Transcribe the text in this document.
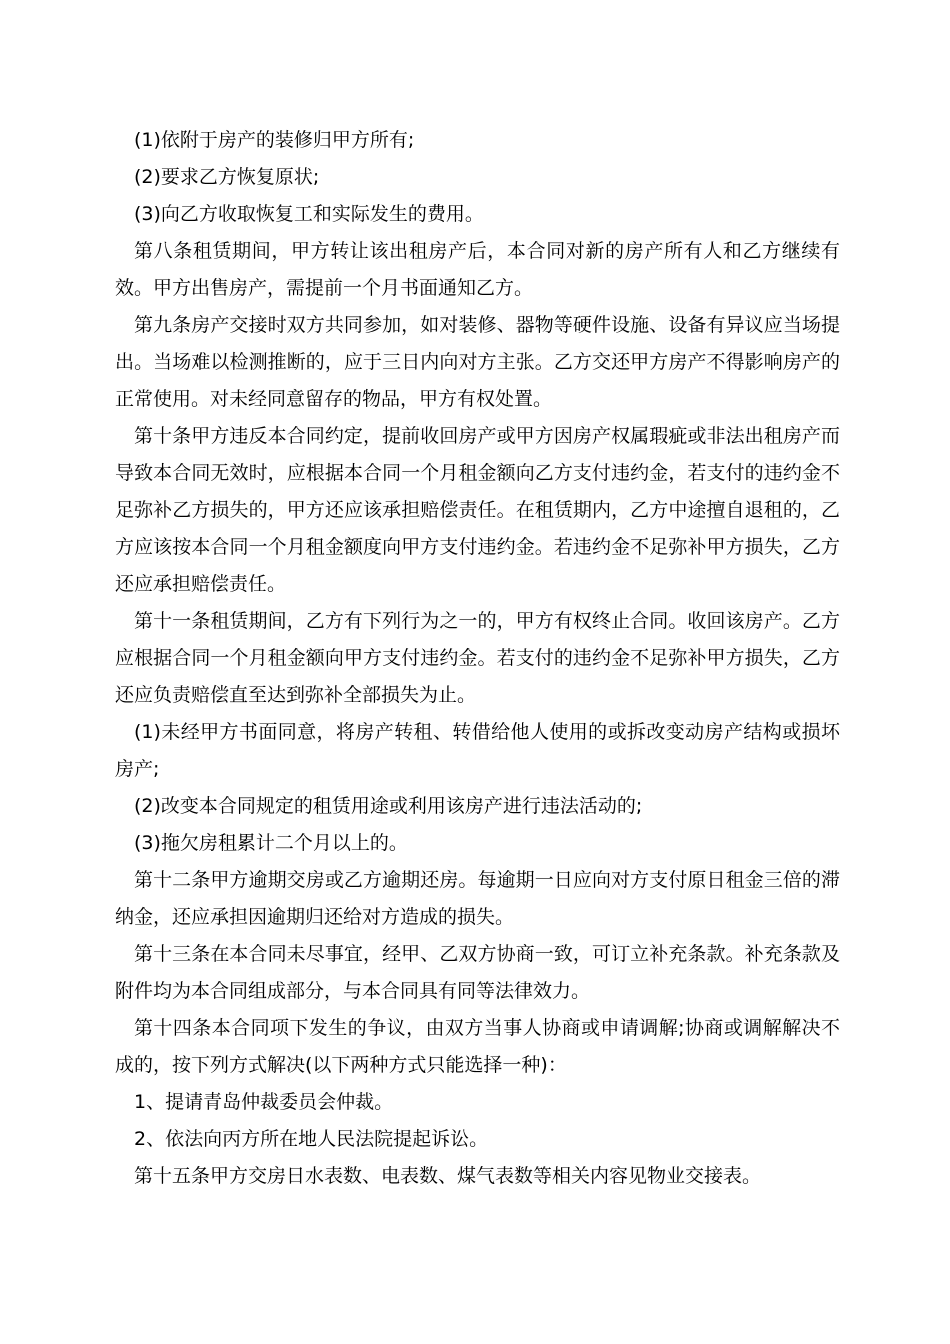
(1)依附于房产的装修归甲方所有;

(2)要求乙方恢复原状;

(3)向乙方收取恢复工和实际发生的费用。

第八条租赁期间，甲方转让该出租房产后，本合同对新的房产所有人和乙方继续有效。甲方出售房产，需提前一个月书面通知乙方。

第九条房产交接时双方共同参加，如对装修、器物等硬件设施、设备有异议应当场提出。当场难以检测推断的，应于三日内向对方主张。乙方交还甲方房产不得影响房产的正常使用。对未经同意留存的物品，甲方有权处置。

第十条甲方违反本合同约定，提前收回房产或甲方因房产权属瑕疵或非法出租房产而导致本合同无效时，应根据本合同一个月租金额向乙方支付违约金，若支付的违约金不足弥补乙方损失的，甲方还应该承担赔偿责任。在租赁期内，乙方中途擅自退租的，乙方应该按本合同一个月租金额度向甲方支付违约金。若违约金不足弥补甲方损失，乙方还应承担赔偿责任。

第十一条租赁期间，乙方有下列行为之一的，甲方有权终止合同。收回该房产。乙方应根据合同一个月租金额向甲方支付违约金。若支付的违约金不足弥补甲方损失，乙方还应负责赔偿直至达到弥补全部损失为止。

(1)未经甲方书面同意，将房产转租、转借给他人使用的或拆改变动房产结构或损坏房产;

(2)改变本合同规定的租赁用途或利用该房产进行违法活动的;

(3)拖欠房租累计二个月以上的。

第十二条甲方逾期交房或乙方逾期还房。每逾期一日应向对方支付原日租金三倍的滞纳金，还应承担因逾期归还给对方造成的损失。

第十三条在本合同未尽事宜，经甲、乙双方协商一致，可订立补充条款。补充条款及附件均为本合同组成部分，与本合同具有同等法律效力。

第十四条本合同项下发生的争议，由双方当事人协商或申请调解;协商或调解解决不成的，按下列方式解决(以下两种方式只能选择一种)：

1、提请青岛仲裁委员会仲裁。

2、依法向丙方所在地人民法院提起诉讼。

第十五条甲方交房日水表数、电表数、煤气表数等相关内容见物业交接表。
